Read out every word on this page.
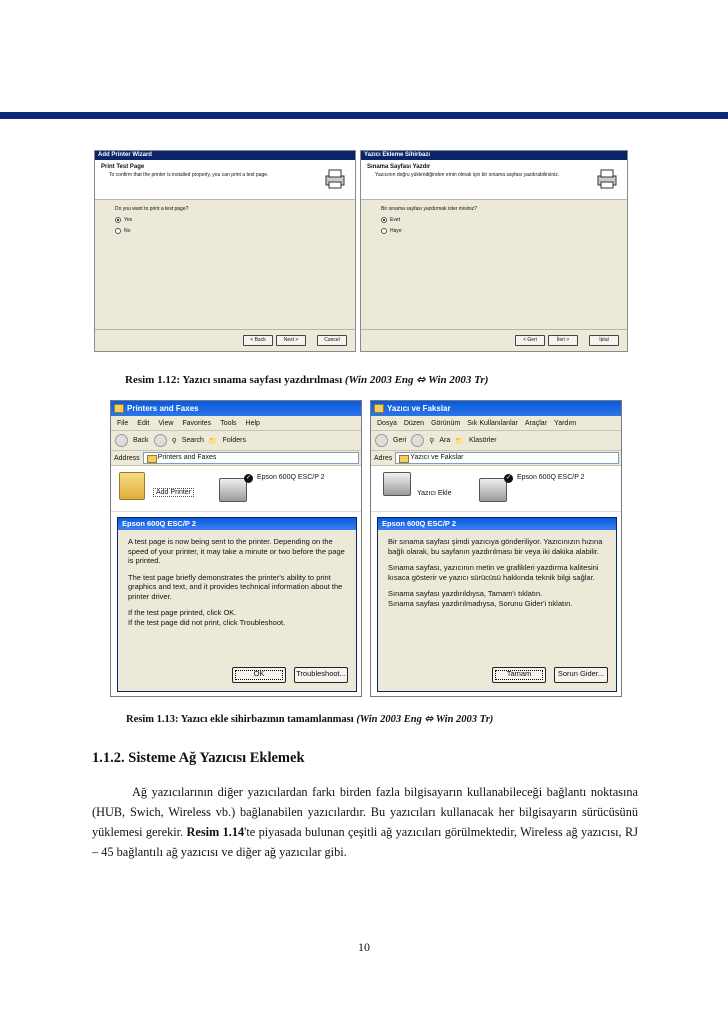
Add Printer Wizard
Print Test Page
To confirm that the printer is installed properly, you can print a test page.
Do you want to print a test page?
Yes
No
< Back	Next >	Cancel
Yazıcı Ekleme Sihirbazı
Sınama Sayfası Yazdır
Yazıcının doğru yüklendiğinden emin olmak için bir sınama sayfası yazdırabilirsiniz.
Bir sınama sayfası yazdırmak ister misiniz?
Evet
Hayır
< Geri	İleri >	İptal
Resim 1.12: Yazıcı sınama sayfası yazdırılması (Win 2003 Eng ⬄ Win 2003 Tr)
Printers and Faxes
File Edit View Favorites Tools Help
Back	⚲ Search 📁 Folders
Address	Printers and Faxes
Add Printer
✓ Epson 600Q ESC/P 2
Epson 600Q ESC/P 2

A test page is now being sent to the printer. Depending on the speed of your printer, it may take a minute or two before the page is printed.

The test page briefly demonstrates the printer's ability to print graphics and text, and it provides technical information about the printer driver.

If the test page printed, click OK.

If the test page did not print, click Troubleshoot.

OK	Troubleshoot...
Yazıcı ve Fakslar
Dosya Düzen Görünüm Sık Kullanılanlar Araçlar Yardım
Geri	⚲ Ara 📁 Klasörler
Adres	Yazıcı ve Fakslar
Yazıcı Ekle
✓ Epson 600Q ESC/P 2
Epson 600Q ESC/P 2

Bir sınama sayfası şimdi yazıcıya gönderiliyor. Yazıcınızın hızına bağlı olarak, bu sayfanın yazdırılması bir veya iki dakika alabilir.

Sınama sayfası, yazıcının metin ve grafikleri yazdırma kalitesini kısaca gösterir ve yazıcı sürücüsü hakkında teknik bilgi sağlar.

Sınama sayfası yazdırıldıysa, Tamam'ı tıklatın.

Sınama sayfası yazdırılmadıysa, Sorunu Gider'i tıklatın.

Tamam	Sorun Gider...
Resim 1.13: Yazıcı ekle sihirbazının tamamlanması (Win 2003 Eng ⬄ Win 2003 Tr)
1.1.2. Sisteme Ağ Yazıcısı Eklemek
Ağ yazıcılarının diğer yazıcılardan farkı birden fazla bilgisayarın kullanabileceği bağlantı noktasına (HUB, Swich, Wireless vb.) bağlanabilen yazıcılardır. Bu yazıcıları kullanacak her bilgisayarın sürücüsünü yüklemesi gerekir. Resim 1.14'te piyasada bulunan çeşitli ağ yazıcıları görülmektedir, Wireless ağ yazıcısı, RJ – 45 bağlantılı ağ yazıcısı ve diğer ağ yazıcılar gibi.
10
